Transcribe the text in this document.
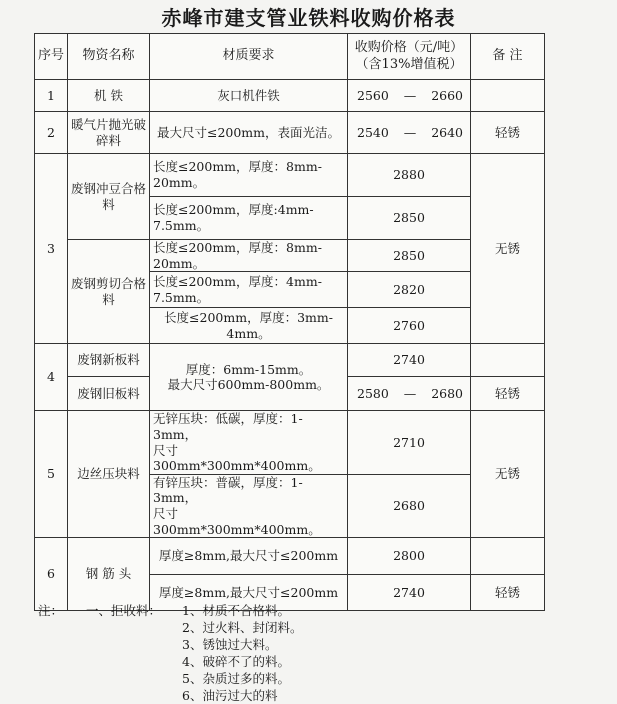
赤峰市建支管业铁料收购价格表
序号	物资名称	材质要求	收购价格（元/吨）
（含13%增值税）	备 注
1	机 铁	灰口机件铁	2560 — 2660	

2	暖气片抛光破碎料	最大尺寸≤200mm，表面光洁。	2540 — 2640	轻锈
3	废钢冲豆合格料	长度≤200mm，厚度：8mm-20mm。	2880	无锈
		长度≤200mm，厚度:4mm-7.5mm。	2850	
	废钢剪切合格料	长度≤200mm，厚度：8mm-20mm。	2850	
		长度≤200mm，厚度：4mm-7.5mm。	2820	
		长度≤200mm，厚度：3mm-4mm。	2760	
4	废钢新板料	厚度：6mm-15mm。
最大尺寸600mm-800mm。	2740	
	废钢旧板料		2580 — 2680	轻锈
5	边丝压块料	无锌压块：低碳，厚度：1-3mm，
尺寸300mm*300mm*400mm。	2710	无锈

		有锌压块：普碳，厚度：1-3mm，
尺寸300mm*300mm*400mm。	2680	
6	钢 筋 头	厚度≥8mm,最大尺寸≤200mm	2800	
		厚度≥8mm,最大尺寸≤200mm	2740	轻锈
注： 一、拒收料：	1、材质不合格料。
2、过火料、封闭料。
3、锈蚀过大料。
4、破碎不了的料。
5、杂质过多的料。
6、油污过大的料
